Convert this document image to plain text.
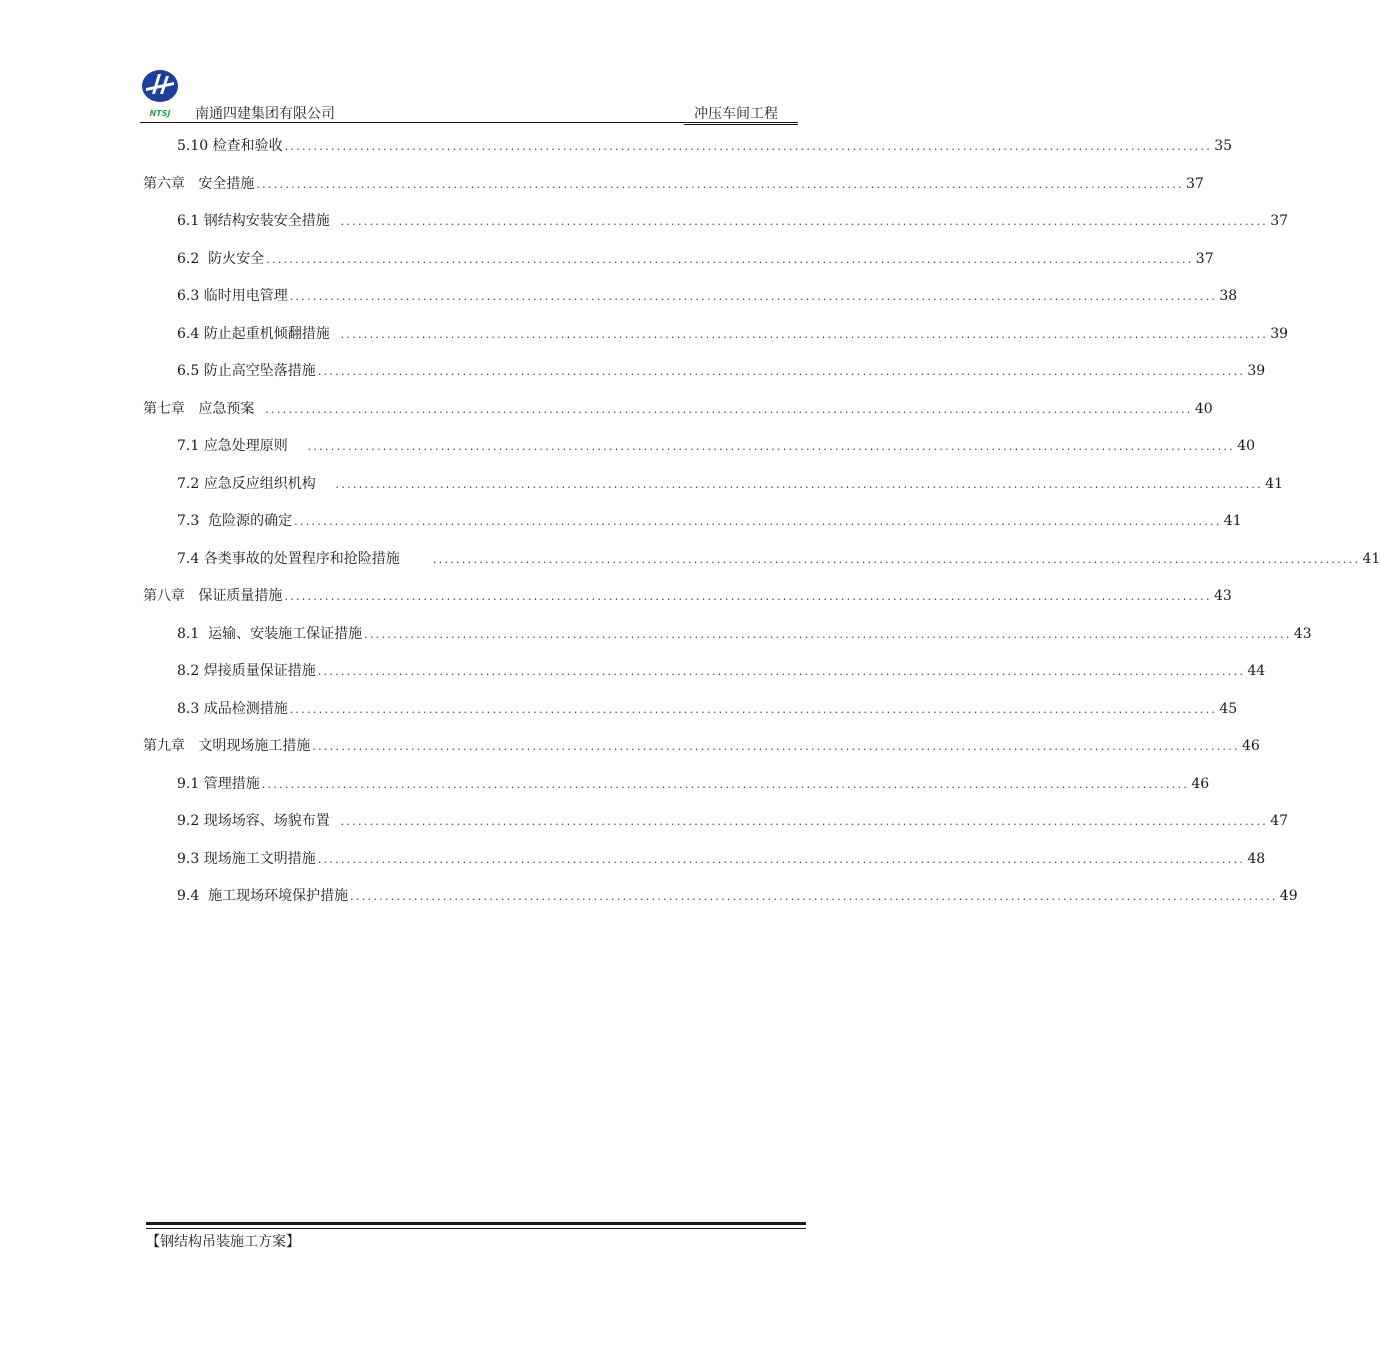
NTSJ 南通四建集团有限公司	冲压车间工程
5.10 检查和验收 ................................................................................................................................................................ 35
第六章 安全措施 ................................................................................................................................................................ 37
6.1 钢结构安装安全措施 ................................................................................................................................................................ 37
6.2 防火安全 ................................................................................................................................................................ 37
6.3 临时用电管理 ................................................................................................................................................................ 38
6.4 防止起重机倾翻措施 ................................................................................................................................................................ 39
6.5 防止高空坠落措施 ................................................................................................................................................................ 39
第七章 应急预案 ................................................................................................................................................................ 40
7.1 应急处理原则 ................................................................................................................................................................ 40
7.2 应急反应组织机构 ................................................................................................................................................................ 41
7.3 危险源的确定 ................................................................................................................................................................ 41
7.4 各类事故的处置程序和抢险措施 ................................................................................................................................................................ 41
第八章 保证质量措施 ................................................................................................................................................................ 43
8.1 运输、安装施工保证措施 ................................................................................................................................................................ 43
8.2 焊接质量保证措施 ................................................................................................................................................................ 44
8.3 成品检测措施 ................................................................................................................................................................ 45
第九章 文明现场施工措施 ................................................................................................................................................................ 46
9.1 管理措施 ................................................................................................................................................................ 46
9.2 现场场容、场貌布置 ................................................................................................................................................................ 47
9.3 现场施工文明措施 ................................................................................................................................................................ 48
9.4 施工现场环境保护措施 ................................................................................................................................................................ 49
【钢结构吊装施工方案】
